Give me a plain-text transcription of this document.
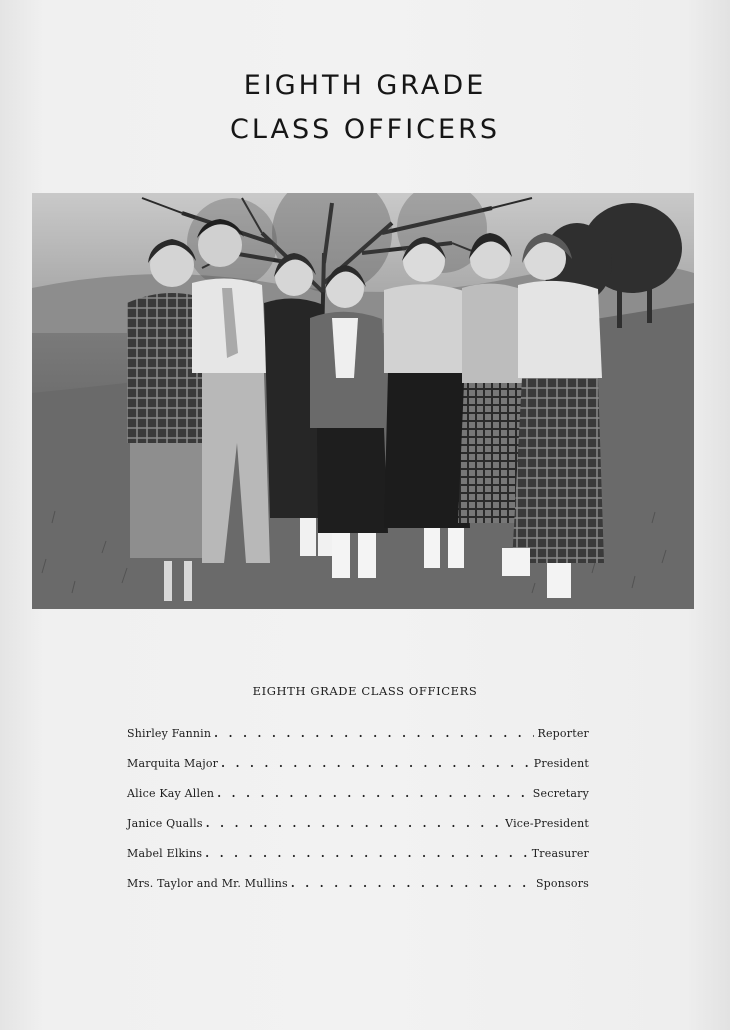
EIGHTH GRADE
CLASS OFFICERS
EIGHTH GRADE CLASS OFFICERS
Shirley Fannin . . .	Reporter
Marquita Major . . .	President
Alice Kay Allen . . .	Secretary
Janice Qualls . . .	Vice-President
Mabel Elkins . . .	Treasurer
Mrs. Taylor and Mr. Mullins . . .	Sponsors
